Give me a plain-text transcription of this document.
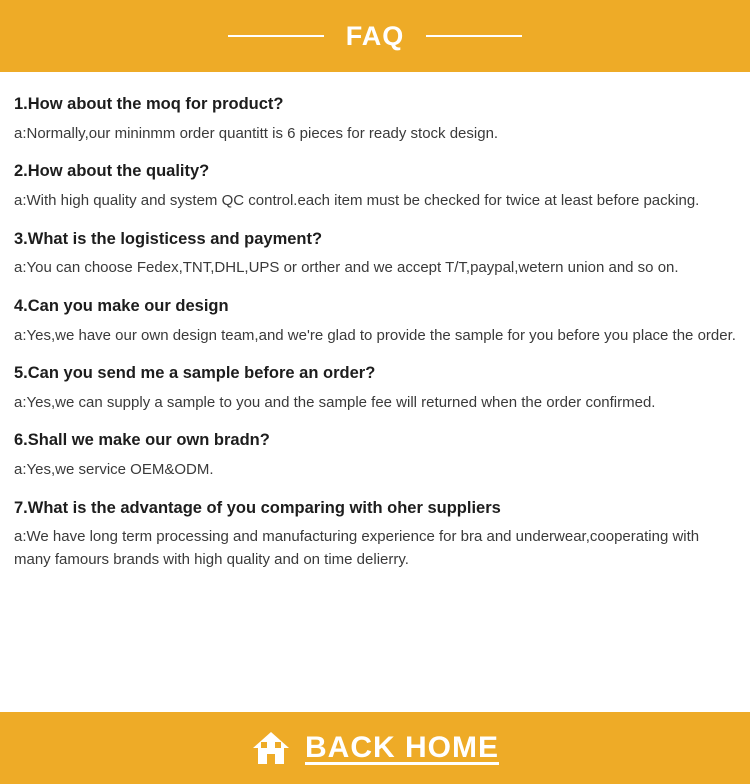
FAQ

1.How about the moq for product?

a:Normally,our mininmm order quantitt is 6 pieces for ready stock design.

2.How about the quality?

a:With high quality and system QC control.each item must be checked for twice at least before packing.

3.What is the logisticess and payment?

a:You can choose Fedex,TNT,DHL,UPS or orther and we accept T/T,paypal,wetern union and so on.

4.Can you make our design

a:Yes,we have our own design team,and we're glad to provide the sample for you before you place the order.

5.Can you send me a sample before an order?

a:Yes,we can supply a sample to you and the sample fee will returned when the order confirmed.

6.Shall we make our own bradn?

a:Yes,we service OEM&ODM.

7.What is the advantage of you comparing with oher suppliers

a:We have long term processing and manufacturing experience for bra and underwear,cooperating with many famours brands with high quality and on time delierry.

BACK HOME
